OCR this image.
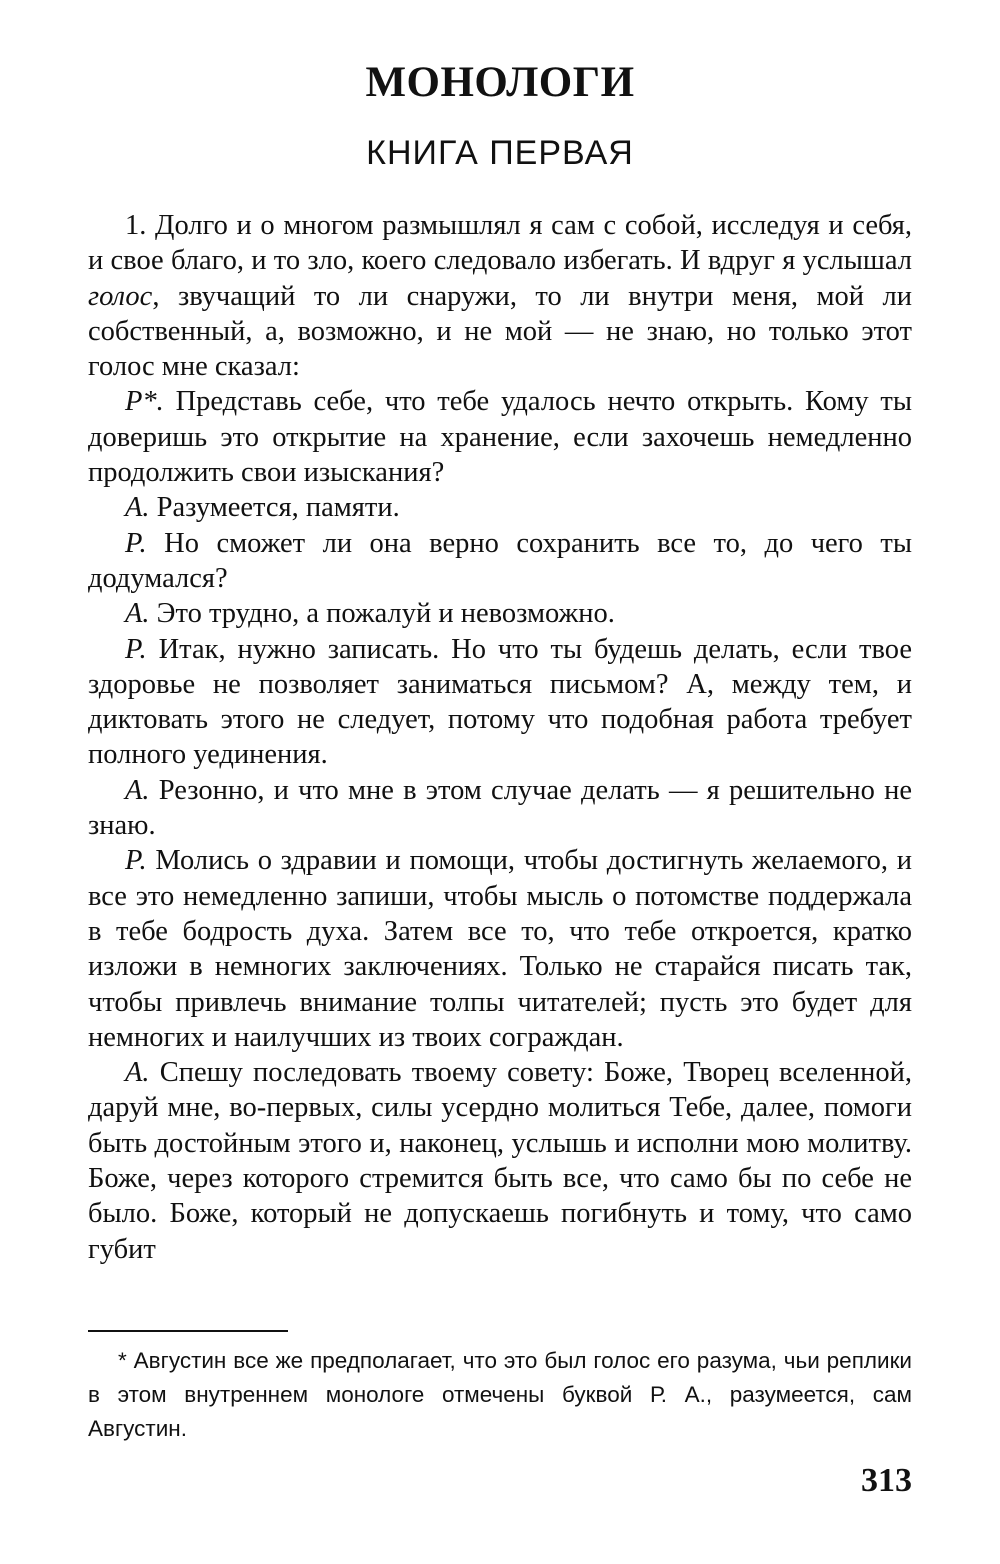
МОНОЛОГИ
КНИГА ПЕРВАЯ

1. Долго и о многом размышлял я сам с собой, исследуя и себя, и свое благо, и то зло, коего следовало избегать. И вдруг я услышал голос, звучащий то ли снаружи, то ли внутри меня, мой ли собственный, а, возможно, и не мой — не знаю, но только этот голос мне сказал:

Р*. Представь себе, что тебе удалось нечто открыть. Кому ты доверишь это открытие на хранение, если захочешь немедленно продолжить свои изыскания?

А. Разумеется, памяти.

Р. Но сможет ли она верно сохранить все то, до чего ты додумался?

А. Это трудно, а пожалуй и невозможно.

Р. Итак, нужно записать. Но что ты будешь делать, если твое здоровье не позволяет заниматься письмом? А, между тем, и диктовать этого не следует, потому что подобная работа требует полного уединения.

А. Резонно, и что мне в этом случае делать — я решительно не знаю.

Р. Молись о здравии и помощи, чтобы достигнуть желаемого, и все это немедленно запиши, чтобы мысль о потомстве поддержала в тебе бодрость духа. Затем все то, что тебе откроется, кратко изложи в немногих заключениях. Только не старайся писать так, чтобы привлечь внимание толпы читателей; пусть это будет для немногих и наилучших из твоих сограждан.

А. Спешу последовать твоему совету: Боже, Творец вселенной, даруй мне, во-первых, силы усердно молиться Тебе, далее, помоги быть достойным этого и, наконец, услышь и исполни мою молитву. Боже, через которого стремится быть все, что само бы по себе не было. Боже, который не допускаешь погибнуть и тому, что само губит

* Августин все же предполагает, что это был голос его разума, чьи реплики в этом внутреннем монологе отмечены буквой Р. А., разумеется, сам Августин.

313
